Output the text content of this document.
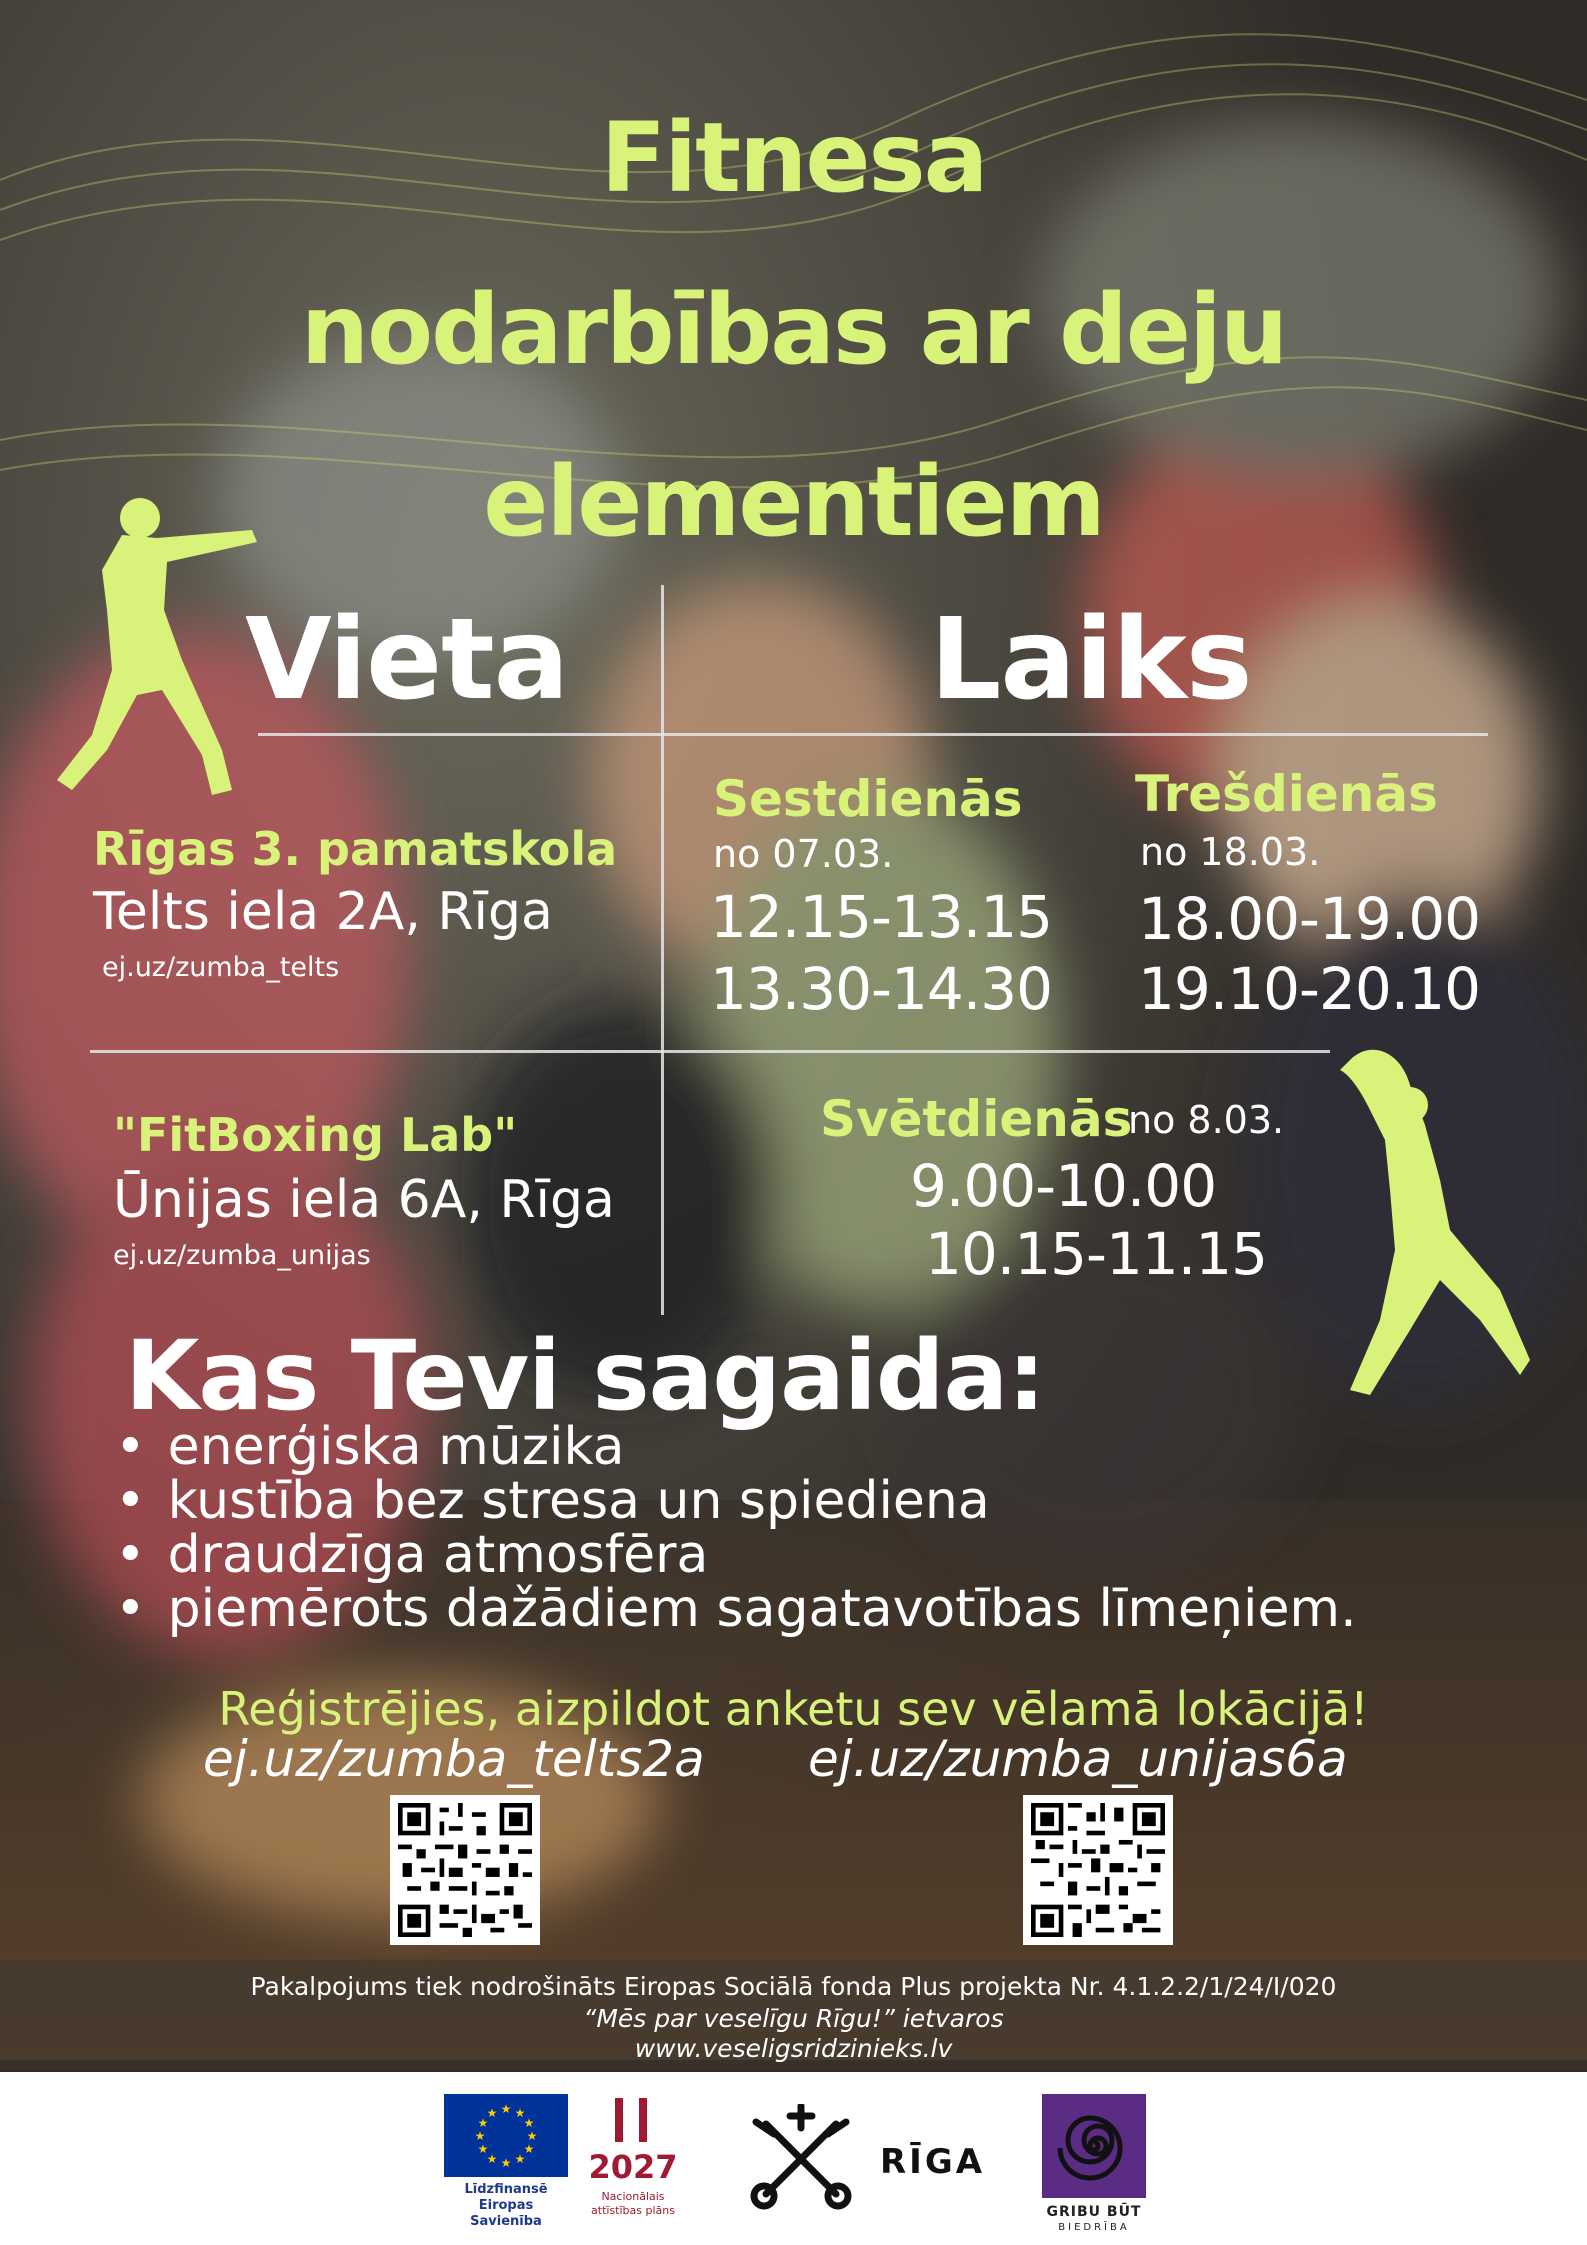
Fitnesa
nodarbības ar deju
elementiem
Vieta	Laiks
Rīgas 3. pamatskola
Telts iela 2A, Rīga
ej.uz/zumba_telts
"FitBoxing Lab"
Ūnijas iela 6A, Rīga
ej.uz/zumba_unijas
Sestdienās
no 07.03.
12.15-13.15
13.30-14.30
Trešdienās
no 18.03.
18.00-19.00
19.10-20.10
Svētdienās
no 8.03.
9.00-10.00
10.15-11.15
Kas Tevi sagaida:
• enerģiska mūzika
• kustība bez stresa un spiediena
• draudzīga atmosfēra
• piemērots dažādiem sagatavotības līmeņiem.
Reģistrējies, aizpildot anketu sev vēlamā lokācijā!
ej.uz/zumba_telts2a ej.uz/zumba_unijas6a
Pakalpojums tiek nodrošināts Eiropas Sociālā fonda Plus projekta Nr. 4.1.2.2/1/24/I/020
“Mēs par veselīgu Rīgu!” ietvaros
www.veseligsridzinieks.lv
★ ★
★
★
★
★
★
★
★
★
★
★
Līdzfinansē
Eiropas Savienība
2027
Nacionālais
attīstības plāns
RĪGA
GRIBU BŪT
BIEDRĪBA
